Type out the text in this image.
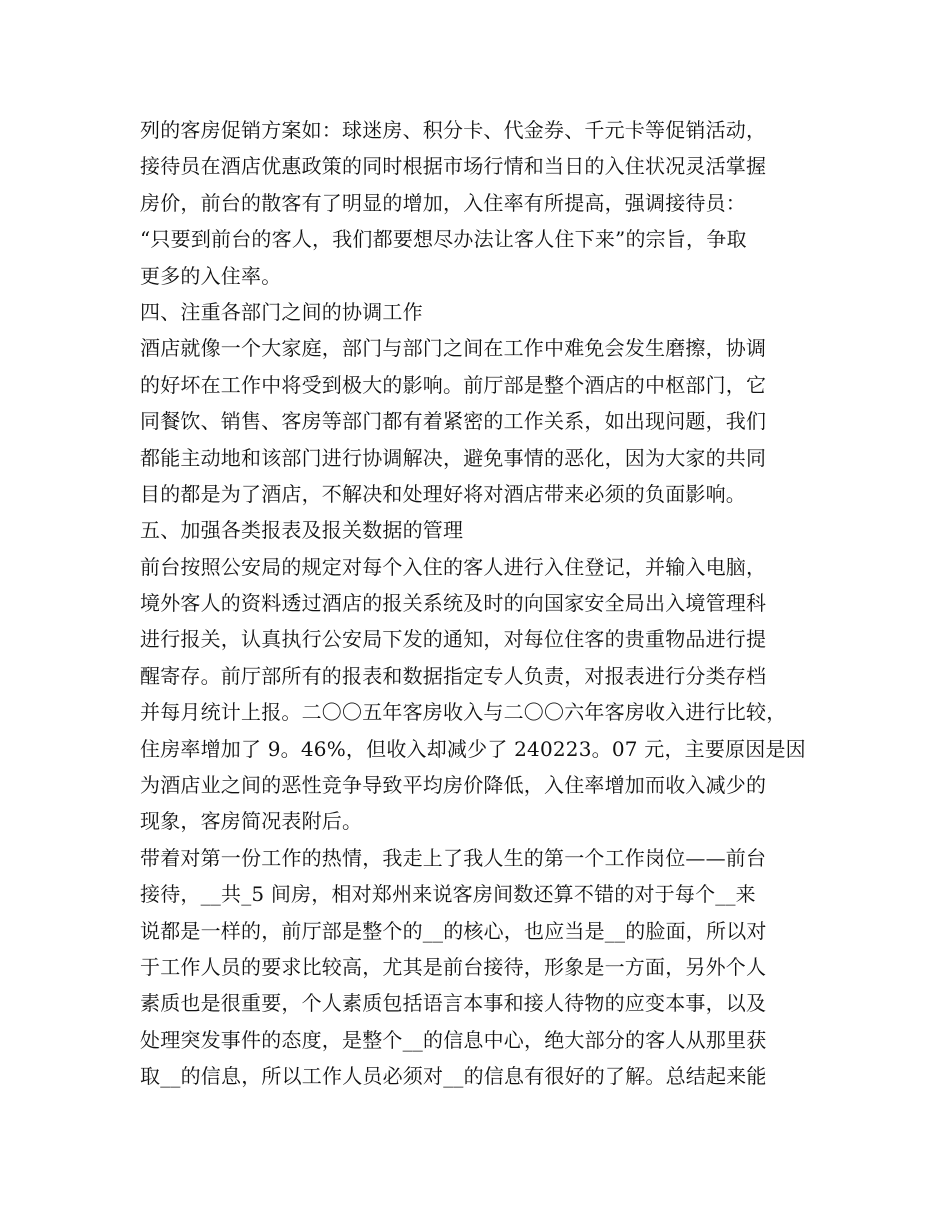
列的客房促销方案如：球迷房、积分卡、代金券、千元卡等促销活动，
接待员在酒店优惠政策的同时根据市场行情和当日的入住状况灵活掌握
房价，前台的散客有了明显的增加，入住率有所提高，强调接待员：
“只要到前台的客人，我们都要想尽办法让客人住下来”的宗旨，争取
更多的入住率。
四、注重各部门之间的协调工作
酒店就像一个大家庭，部门与部门之间在工作中难免会发生磨擦，协调
的好坏在工作中将受到极大的影响。前厅部是整个酒店的中枢部门，它
同餐饮、销售、客房等部门都有着紧密的工作关系，如出现问题，我们
都能主动地和该部门进行协调解决，避免事情的恶化，因为大家的共同
目的都是为了酒店，不解决和处理好将对酒店带来必须的负面影响。
五、加强各类报表及报关数据的管理
前台按照公安局的规定对每个入住的客人进行入住登记，并输入电脑，
境外客人的资料透过酒店的报关系统及时的向国家安全局出入境管理科
进行报关，认真执行公安局下发的通知，对每位住客的贵重物品进行提
醒寄存。前厅部所有的报表和数据指定专人负责，对报表进行分类存档
并每月统计上报。二〇〇五年客房收入与二〇〇六年客房收入进行比较，
住房率增加了 9。46%，但收入却减少了 240223。07 元，主要原因是因
为酒店业之间的恶性竞争导致平均房价降低，入住率增加而收入减少的
现象，客房简况表附后。
带着对第一份工作的热情，我走上了我人生的第一个工作岗位——前台
接待，__共_5 间房，相对郑州来说客房间数还算不错的对于每个__来
说都是一样的，前厅部是整个的__的核心，也应当是__的脸面，所以对
于工作人员的要求比较高，尤其是前台接待，形象是一方面，另外个人
素质也是很重要，个人素质包括语言本事和接人待物的应变本事，以及
处理突发事件的态度，是整个__的信息中心，绝大部分的客人从那里获
取__的信息，所以工作人员必须对__的信息有很好的了解。总结起来能
